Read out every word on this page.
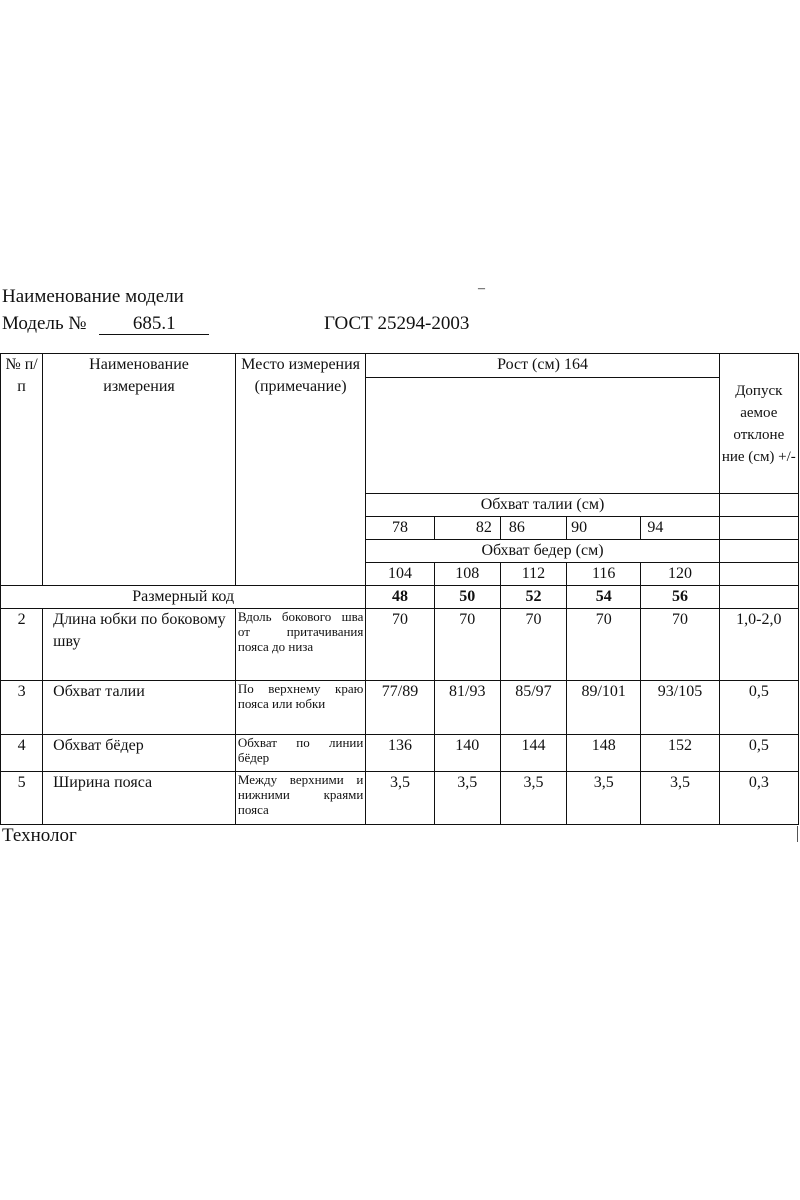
Наименование модели
Модель № 685.1	ГОСТ 25294-2003
–
№ п/ п	Наименование измерения	Место измерения (примечание)	Рост (см) 164					
								Допуск аемое отклоне ние (см) +/-
			Обхват талии (см)					
			78	82	86	90	94	
			Обхват бедер (см)					
			104	108	112	116	120	
Размерный код			48	50	52	54	56	
2	Длина юбки по боковому шву	Вдоль бокового шва от притачивания пояса до низа	70	70	70	70	70	1,0-2,0
3	Обхват талии	По верхнему краю пояса или юбки	77/89	81/93	85/97	89/101	93/105	0,5
4	Обхват бёдер	Обхват по линии бёдер	136	140	144	148	152	0,5
5	Ширина пояса	Между верхними и нижними краями пояса	3,5	3,5	3,5	3,5	3,5	0,3
Технолог
